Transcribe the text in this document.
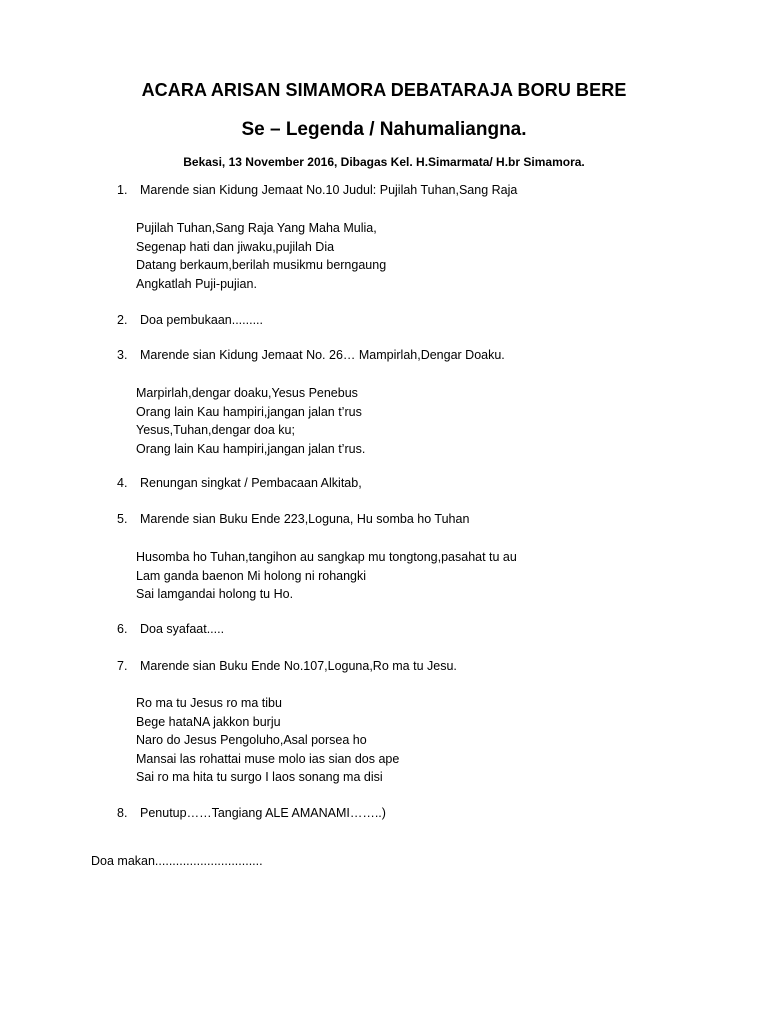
ACARA ARISAN SIMAMORA DEBATARAJA BORU BERE
Se – Legenda / Nahumaliangna.
Bekasi, 13 November 2016, Dibagas Kel. H.Simarmata/ H.br Simamora.
1. Marende sian Kidung Jemaat No.10 Judul: Pujilah Tuhan,Sang Raja
Pujilah Tuhan,Sang Raja Yang Maha Mulia,
Segenap hati dan jiwaku,pujilah Dia
Datang berkaum,berilah musikmu berngaung
Angkatlah Puji-pujian.
2. Doa pembukaan.........
3. Marende sian Kidung Jemaat No. 26… Mampirlah,Dengar Doaku.
Marpirlah,dengar doaku,Yesus Penebus
Orang lain Kau hampiri,jangan jalan t’rus
Yesus,Tuhan,dengar doa ku;
Orang lain Kau hampiri,jangan jalan t’rus.
4. Renungan singkat / Pembacaan Alkitab,
5. Marende sian Buku Ende 223,Loguna, Hu somba ho Tuhan
Husomba ho Tuhan,tangihon au sangkap mu tongtong,pasahat tu au
Lam ganda baenon Mi holong ni rohangki
Sai lamgandai holong tu Ho.
6. Doa syafaat.....
7. Marende sian Buku Ende No.107,Loguna,Ro ma tu Jesu.
Ro ma tu Jesus ro ma tibu
Bege hataNA jakkon burju
Naro do Jesus Pengoluho,Asal porsea ho
Mansai las rohattai muse molo ias sian dos ape
Sai ro ma hita tu surgo I laos sonang ma disi
8. Penutup……Tangiang ALE AMANAMI……..)
Doa makan...............................
